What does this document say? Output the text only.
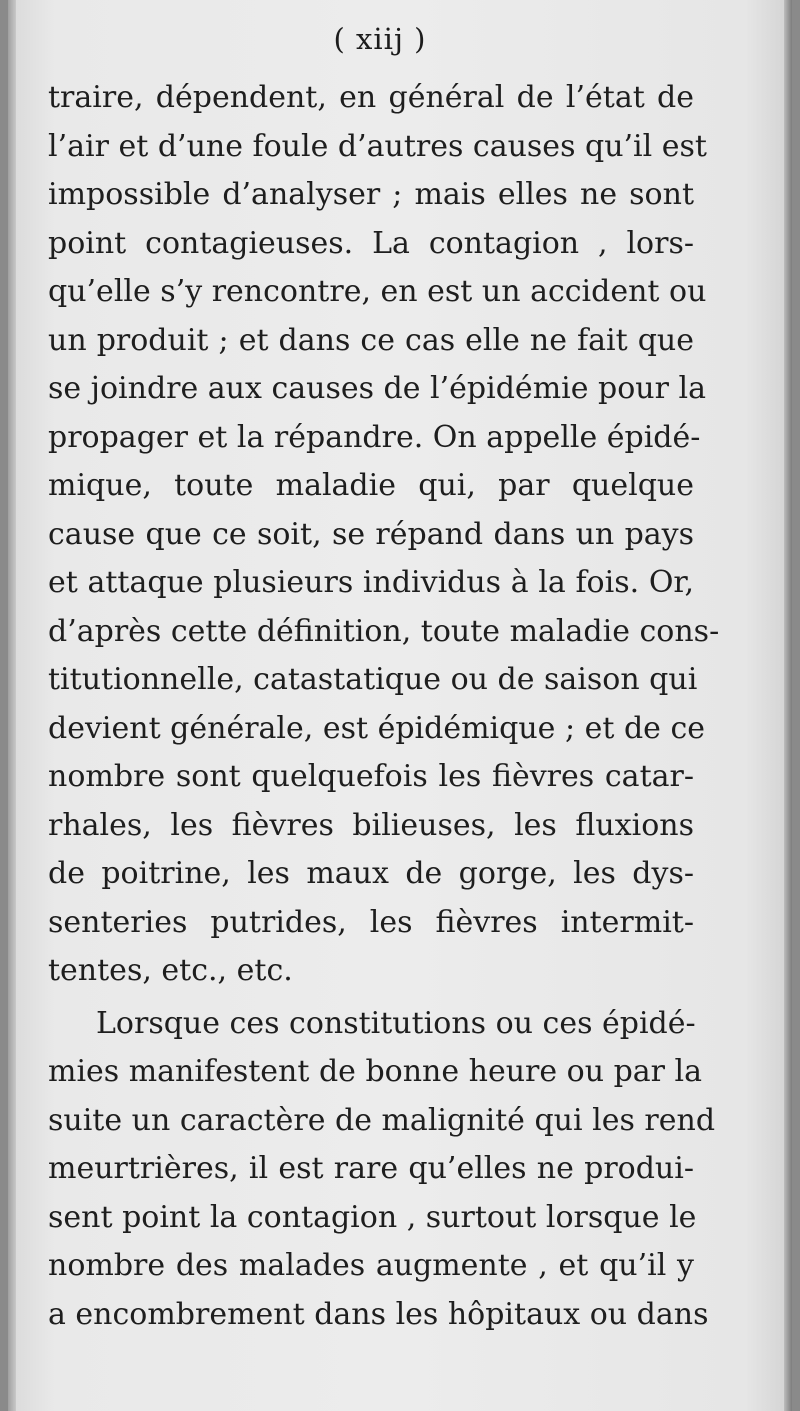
( xiij )
traire, dépendent, en général de l’état de
l’air et d’une foule d’autres causes qu’il est
impossible d’analyser ; mais elles ne sont
point contagieuses. La contagion , lors-
qu’elle s’y rencontre, en est un accident ou
un produit ; et dans ce cas elle ne fait que
se joindre aux causes de l’épidémie pour la
propager et la répandre. On appelle épidé-
mique, toute maladie qui, par quelque
cause que ce soit, se répand dans un pays
et attaque plusieurs individus à la fois. Or,
d’après cette définition, toute maladie cons-
titutionnelle, catastatique ou de saison qui
devient générale, est épidémique ; et de ce
nombre sont quelquefois les fièvres catar-
rhales, les fièvres bilieuses, les fluxions
de poitrine, les maux de gorge, les dys-
senteries putrides, les fièvres intermit-
tentes, etc., etc.
Lorsque ces constitutions ou ces épidé-
mies manifestent de bonne heure ou par la
suite un caractère de malignité qui les rend
meurtrières, il est rare qu’elles ne produi-
sent point la contagion , surtout lorsque le
nombre des malades augmente , et qu’il y
a encombrement dans les hôpitaux ou dans
